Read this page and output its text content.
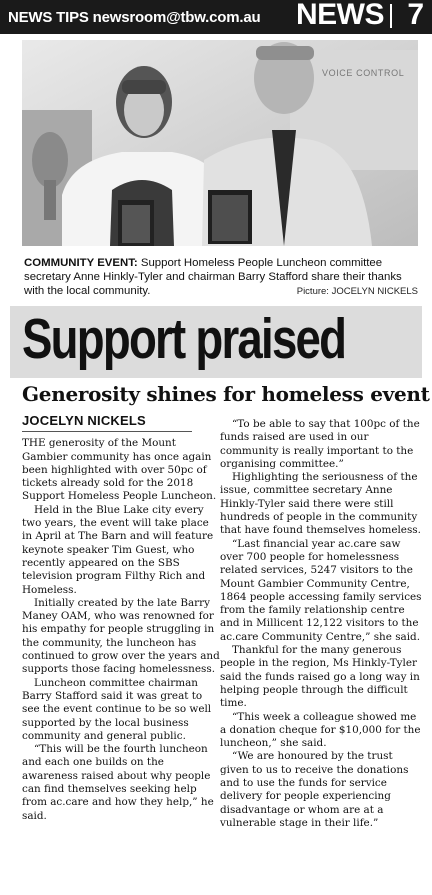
NEWS TIPS newsroom@tbw.com.au NEWS 7
VOICE CONTROL
COMMUNITY EVENT: Support Homeless People Luncheon committee secretary Anne Hinkly-Tyler and chairman Barry Stafford share their thanks with the local community.	Picture: JOCELYN NICKELS
Support praised
Generosity shines for homeless event
JOCELYN NICKELS

THE generosity of the Mount Gambier community has once again been highlighted with over 50pc of tickets already sold for the 2018 Support Homeless People Luncheon.

Held in the Blue Lake city every two years, the event will take place in April at The Barn and will feature keynote speaker Tim Guest, who recently appeared on the SBS television program Filthy Rich and Homeless.

Initially created by the late Barry Maney OAM, who was renowned for his empathy for people struggling in the community, the luncheon has continued to grow over the years and supports those facing homelessness.

Luncheon committee chairman Barry Stafford said it was great to see the event continue to be so well supported by the local business community and general public.

“This will be the fourth luncheon and each one builds on the awareness raised about why people can find themselves seeking help from ac.care and how they help,” he said.

“To be able to say that 100pc of the funds raised are used in our community is really important to the organising committee.”

Highlighting the seriousness of the issue, committee secretary Anne Hinkly-Tyler said there were still hundreds of people in the community that have found themselves homeless.

“Last financial year ac.care saw over 700 people for homelessness related services, 5247 visitors to the Mount Gambier Community Centre, 1864 people accessing family services from the family relationship centre and in Millicent 12,122 visitors to the ac.care Community Centre,” she said.

Thankful for the many generous people in the region, Ms Hinkly-Tyler said the funds raised go a long way in helping people through the difficult time.

“This week a colleague showed me a donation cheque for $10,000 for the luncheon,” she said.

“We are honoured by the trust given to us to receive the donations and to use the funds for service delivery for people experiencing disadvantage or whom are at a vulnerable stage in their life.”
